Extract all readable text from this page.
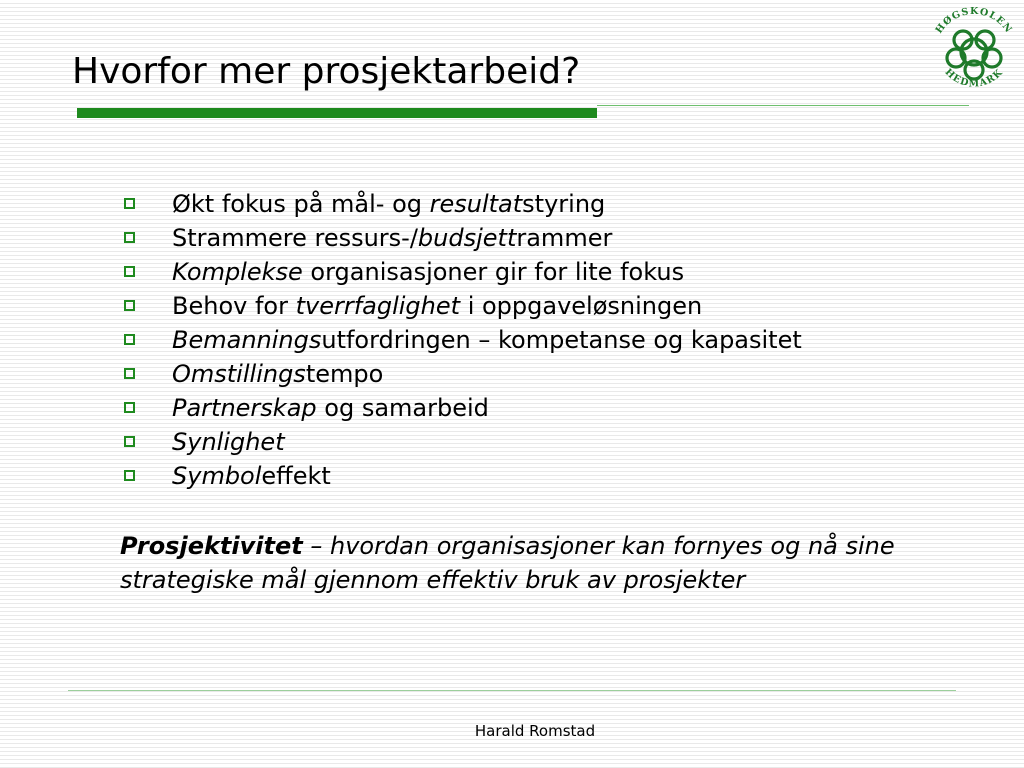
Hvorfor mer prosjektarbeid?
HØGSKOLEN
HEDMARK
Økt fokus på mål- og resultatstyring
Strammere ressurs-/budsjettrammer
Komplekse organisasjoner gir for lite fokus
Behov for tverrfaglighet i oppgaveløsningen
Bemanningsutfordringen – kompetanse og kapasitet
Omstillingstempo
Partnerskap og samarbeid
Synlighet
Symboleffekt
Prosjektivitet – hvordan organisasjoner kan fornyes og nå sine strategiske mål gjennom effektiv bruk av prosjekter
Harald Romstad
